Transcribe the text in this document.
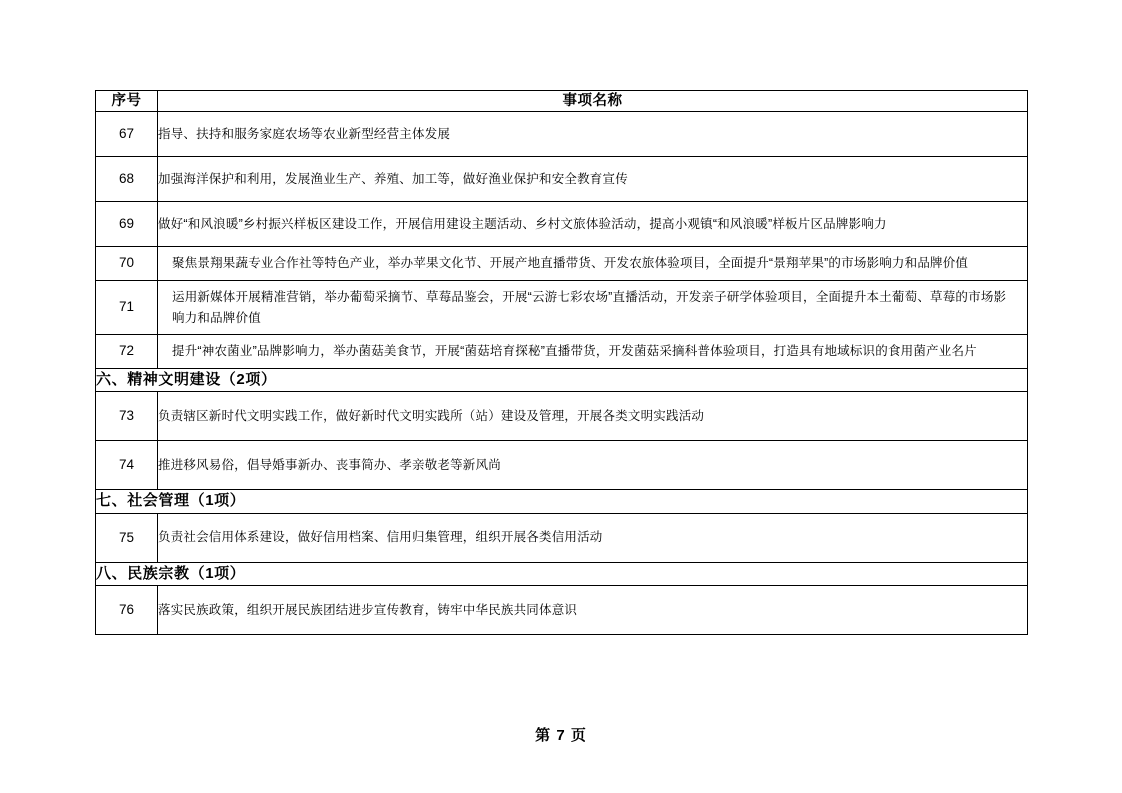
序号	事项名称
67	指导、扶持和服务家庭农场等农业新型经营主体发展
68	加强海洋保护和利用，发展渔业生产、养殖、加工等，做好渔业保护和安全教育宣传
69	做好“和风浪暖”乡村振兴样板区建设工作，开展信用建设主题活动、乡村文旅体验活动，提高小观镇“和风浪暖”样板片区品牌影响力
70	聚焦景翔果蔬专业合作社等特色产业，举办苹果文化节、开展产地直播带货、开发农旅体验项目，全面提升“景翔苹果”的市场影响力和品牌价值
71	运用新媒体开展精准营销，举办葡萄采摘节、草莓品鉴会，开展“云游七彩农场”直播活动，开发亲子研学体验项目，全面提升本土葡萄、草莓的市场影响力和品牌价值
72	提升“神农菌业”品牌影响力，举办菌菇美食节，开展“菌菇培育探秘”直播带货，开发菌菇采摘科普体验项目，打造具有地域标识的食用菌产业名片
六、精神文明建设（2项）	
73	负责辖区新时代文明实践工作，做好新时代文明实践所（站）建设及管理，开展各类文明实践活动
74	推进移风易俗，倡导婚事新办、丧事简办、孝亲敬老等新风尚
七、社会管理（1项）	
75	负责社会信用体系建设，做好信用档案、信用归集管理，组织开展各类信用活动
八、民族宗教（1项）	
76	落实民族政策，组织开展民族团结进步宣传教育，铸牢中华民族共同体意识
第 7 页
